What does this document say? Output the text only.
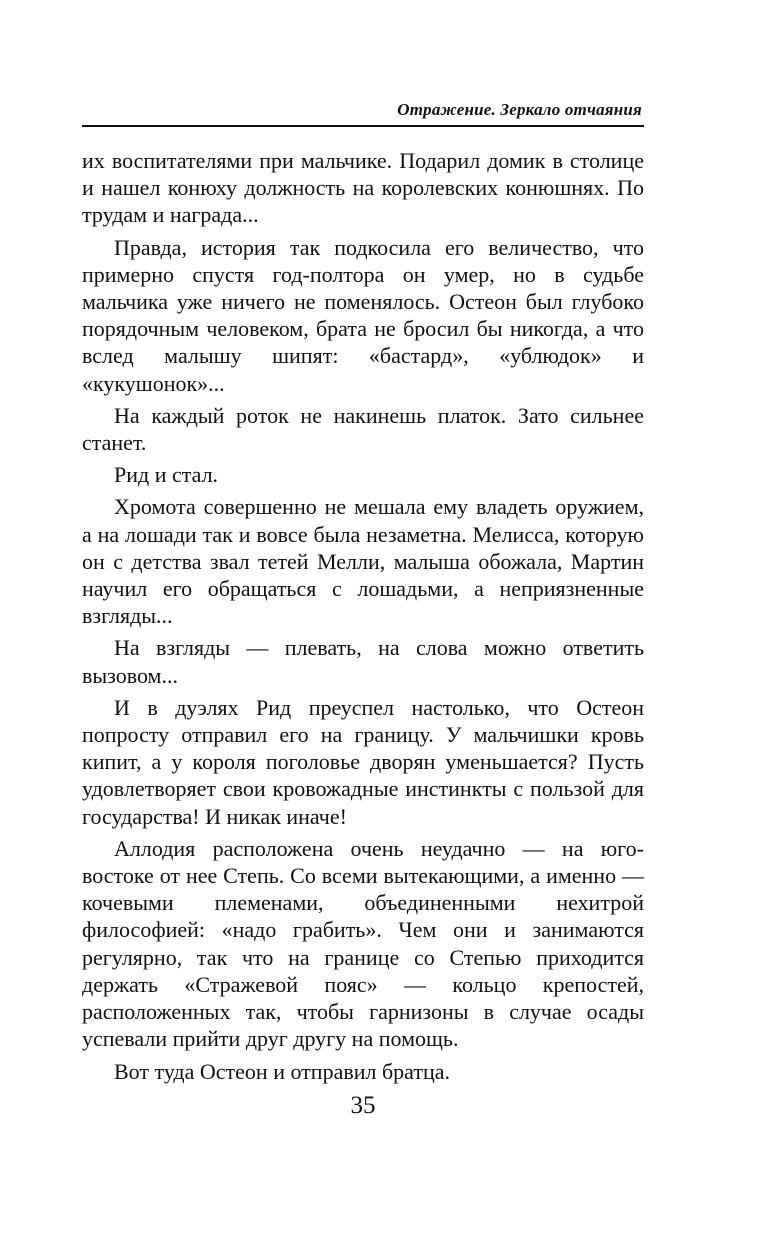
Отражение. Зеркало отчаяния

их воспитателями при мальчике. Подарил домик в столице и нашел конюху должность на королевских конюшнях. По трудам и награда...

Правда, история так подкосила его величество, что примерно спустя год-полтора он умер, но в судьбе мальчика уже ничего не поменялось. Остеон был глубоко порядочным человеком, брата не бросил бы никогда, а что вслед малышу шипят: «бастард», «ублюдок» и «кукушонок»...

На каждый роток не накинешь платок. Зато сильнее станет.

Рид и стал.

Хромота совершенно не мешала ему владеть оружием, а на лошади так и вовсе была незаметна. Мелисса, которую он с детства звал тетей Мелли, малыша обожала, Мартин научил его обращаться с лошадьми, а неприязненные взгляды...

На взгляды — плевать, на слова можно ответить вызовом...

И в дуэлях Рид преуспел настолько, что Остеон попросту отправил его на границу. У мальчишки кровь кипит, а у короля поголовье дворян уменьшается? Пусть удовлетворяет свои кровожадные инстинкты с пользой для государства! И никак иначе!

Аллодия расположена очень неудачно — на юго-востоке от нее Степь. Со всеми вытекающими, а именно — кочевыми племенами, объединенными нехитрой философией: «надо грабить». Чем они и занимаются регулярно, так что на границе со Степью приходится держать «Стражевой пояс» — кольцо крепостей, расположенных так, чтобы гарнизоны в случае осады успевали прийти друг другу на помощь.

Вот туда Остеон и отправил братца.

35
